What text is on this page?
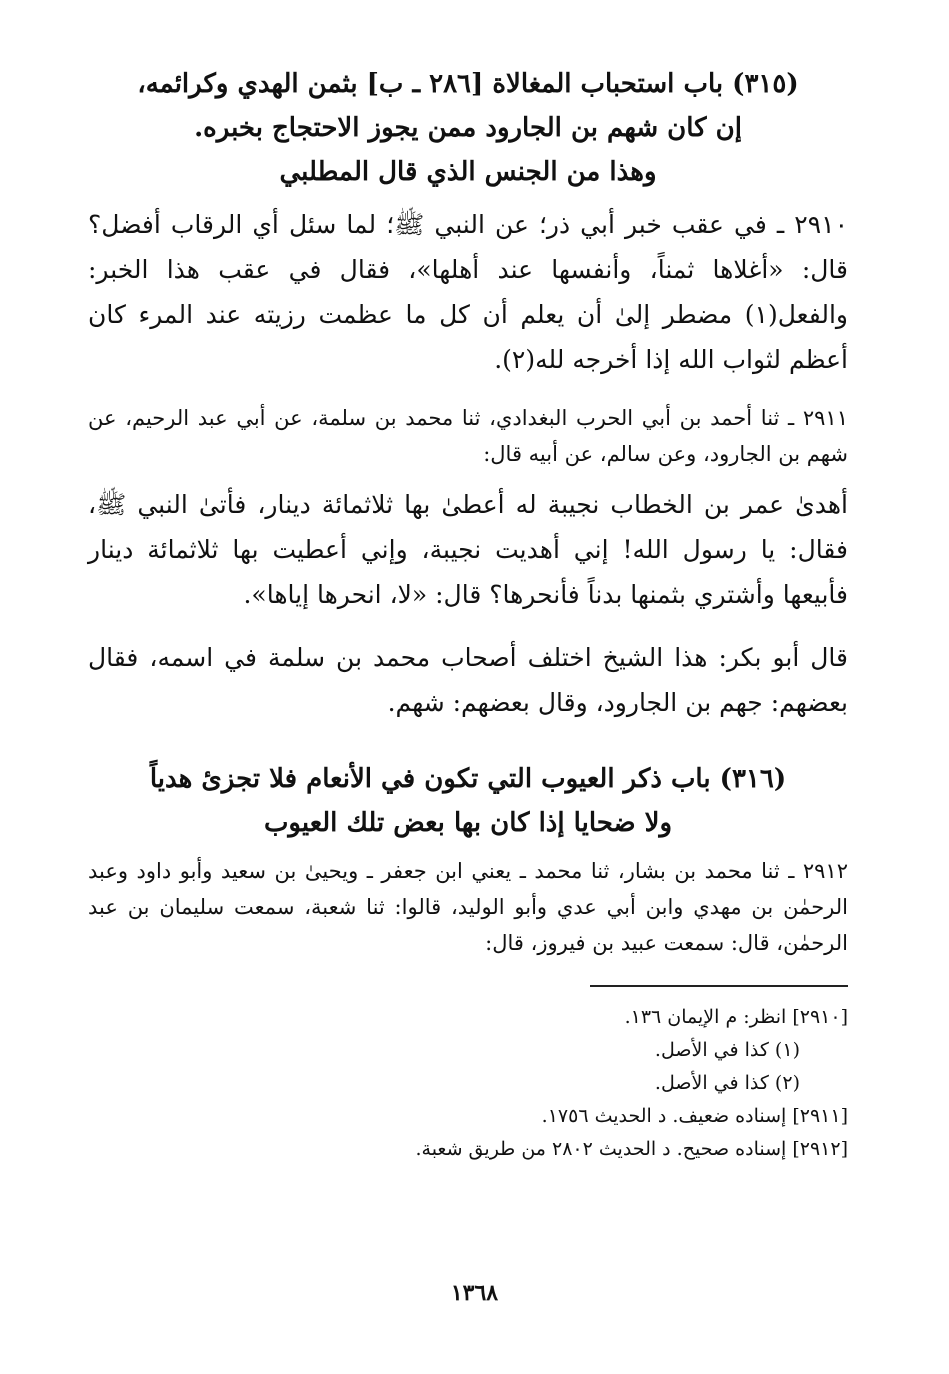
(٣١٥) باب استحباب المغالاة [٢٨٦ ـ ب] بثمن الهدي وكرائمه،

إن كان شهم بن الجارود ممن يجوز الاحتجاج بخبره.

وهذا من الجنس الذي قال المطلبي

٢٩١٠ ـ في عقب خبر أبي ذر؛ عن النبي ﷺ؛ لما سئل أي الرقاب أفضل؟ قال: «أغلاها ثمناً، وأنفسها عند أهلها»، فقال في عقب هذا الخبر: والفعل(١) مضطر إلىٰ أن يعلم أن كل ما عظمت رزيته عند المرء كان أعظم لثواب الله إذا أخرجه لله(٢).

٢٩١١ ـ ثنا أحمد بن أبي الحرب البغدادي، ثنا محمد بن سلمة، عن أبي عبد الرحيم، عن شهم بن الجارود، وعن سالم، عن أبيه قال:

أهدىٰ عمر بن الخطاب نجيبة له أعطىٰ بها ثلاثمائة دينار، فأتىٰ النبي ﷺ، فقال: يا رسول الله! إني أهديت نجيبة، وإني أعطيت بها ثلاثمائة دينار فأبيعها وأشتري بثمنها بدناً فأنحرها؟ قال: «لا، انحرها إياها».

قال أبو بكر: هذا الشيخ اختلف أصحاب محمد بن سلمة في اسمه، فقال بعضهم: جهم بن الجارود، وقال بعضهم: شهم.

(٣١٦) باب ذكر العيوب التي تكون في الأنعام فلا تجزئ هدياً

ولا ضحايا إذا كان بها بعض تلك العيوب

٢٩١٢ ـ ثنا محمد بن بشار، ثنا محمد ـ يعني ابن جعفر ـ ويحيىٰ بن سعيد وأبو داود وعبد الرحمٰن بن مهدي وابن أبي عدي وأبو الوليد، قالوا: ثنا شعبة، سمعت سليمان بن عبد الرحمٰن، قال: سمعت عبيد بن فيروز، قال:

[٢٩١٠] انظر: م الإيمان ١٣٦.

(١) كذا في الأصل.

(٢) كذا في الأصل.

[٢٩١١] إسناده ضعيف. د الحديث ١٧٥٦.

[٢٩١٢] إسناده صحيح. د الحديث ٢٨٠٢ من طريق شعبة.

١٣٦٨
